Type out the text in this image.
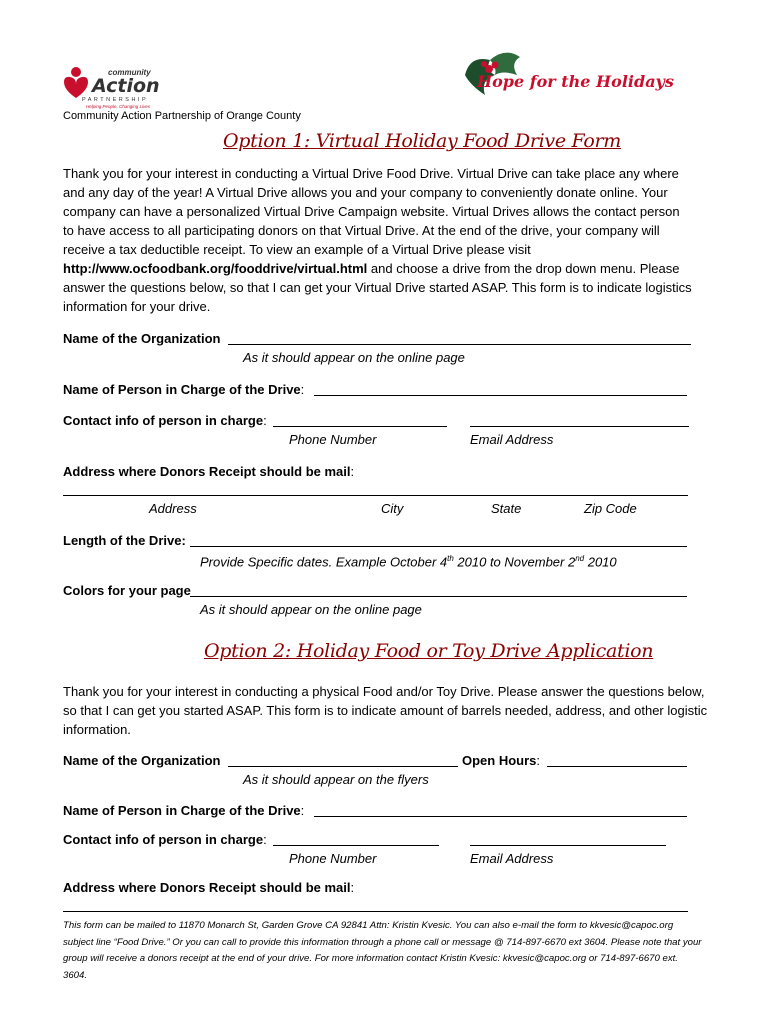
community
Action
PARTNERSHIP
Helping People, Changing Lives
Community Action Partnership of Orange County
Hope for the Holidays
Option 1: Virtual Holiday Food Drive Form
Thank you for your interest in conducting a Virtual Drive Food Drive. Virtual Drive can take place any where and any day of the year! A Virtual Drive allows you and your company to conveniently donate online. Your company can have a personalized Virtual Drive Campaign website. Virtual Drives allows the contact person to have access to all participating donors on that Virtual Drive. At the end of the drive, your company will receive a tax deductible receipt. To view an example of a Virtual Drive please visit http://www.ocfoodbank.org/fooddrive/virtual.html and choose a drive from the drop down menu. Please answer the questions below, so that I can get your Virtual Drive started ASAP. This form is to indicate logistics information for your drive.
Name of the Organization
As it should appear on the online page
Name of Person in Charge of the Drive:
Contact info of person in charge:
Phone Number	Email Address
Address where Donors Receipt should be mail:
Address	City	State	Zip Code
Length of the Drive:
Provide Specific dates. Example October 4th 2010 to November 2nd 2010
Colors for your page
As it should appear on the online page
Option 2: Holiday Food or Toy Drive Application
Thank you for your interest in conducting a physical Food and/or Toy Drive. Please answer the questions below, so that I can get you started ASAP. This form is to indicate amount of barrels needed, address, and other logistic information.
Name of the Organization	Open Hours:
As it should appear on the flyers
Name of Person in Charge of the Drive:
Contact info of person in charge:
Phone Number	Email Address
Address where Donors Receipt should be mail:
This form can be mailed to 11870 Monarch St, Garden Grove CA 92841 Attn: Kristin Kvesic. You can also e-mail the form to kkvesic@capoc.org subject line “Food Drive.” Or you can call to provide this information through a phone call or message @ 714-897-6670 ext 3604. Please note that your group will receive a donors receipt at the end of your drive. For more information contact Kristin Kvesic: kkvesic@capoc.org or 714-897-6670 ext. 3604.
